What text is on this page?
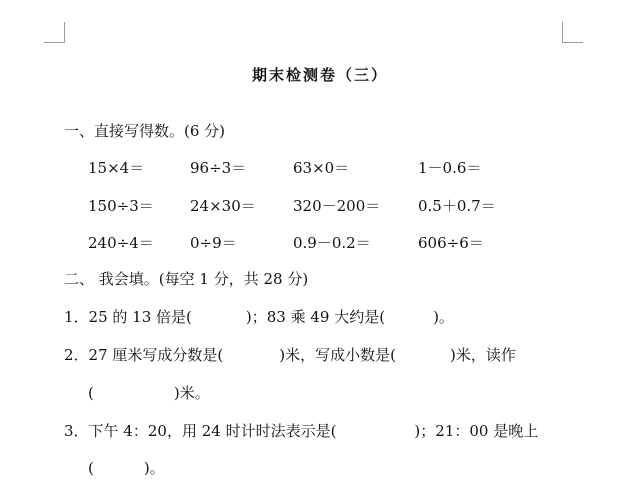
期末检测卷（三）
一、直接写得数。(6 分)
15×4＝	96÷3＝	63×0＝	1－0.6＝
150÷3＝ 24×30＝ 320－200＝	0.5＋0.7＝
240÷4＝ 0÷9＝	0.9－0.2＝	606÷6＝
二、 我会填。(每空 1 分，共 28 分)
1．25 的 13 倍是(	)；83 乘 49 大约是(	)。
2．27 厘米写成分数是(	)米，写成小数是(	)米，读作
(	)米。
3．下午 4：20，用 24 时计时法表示是(	)；21：00 是晚上
(	)。
